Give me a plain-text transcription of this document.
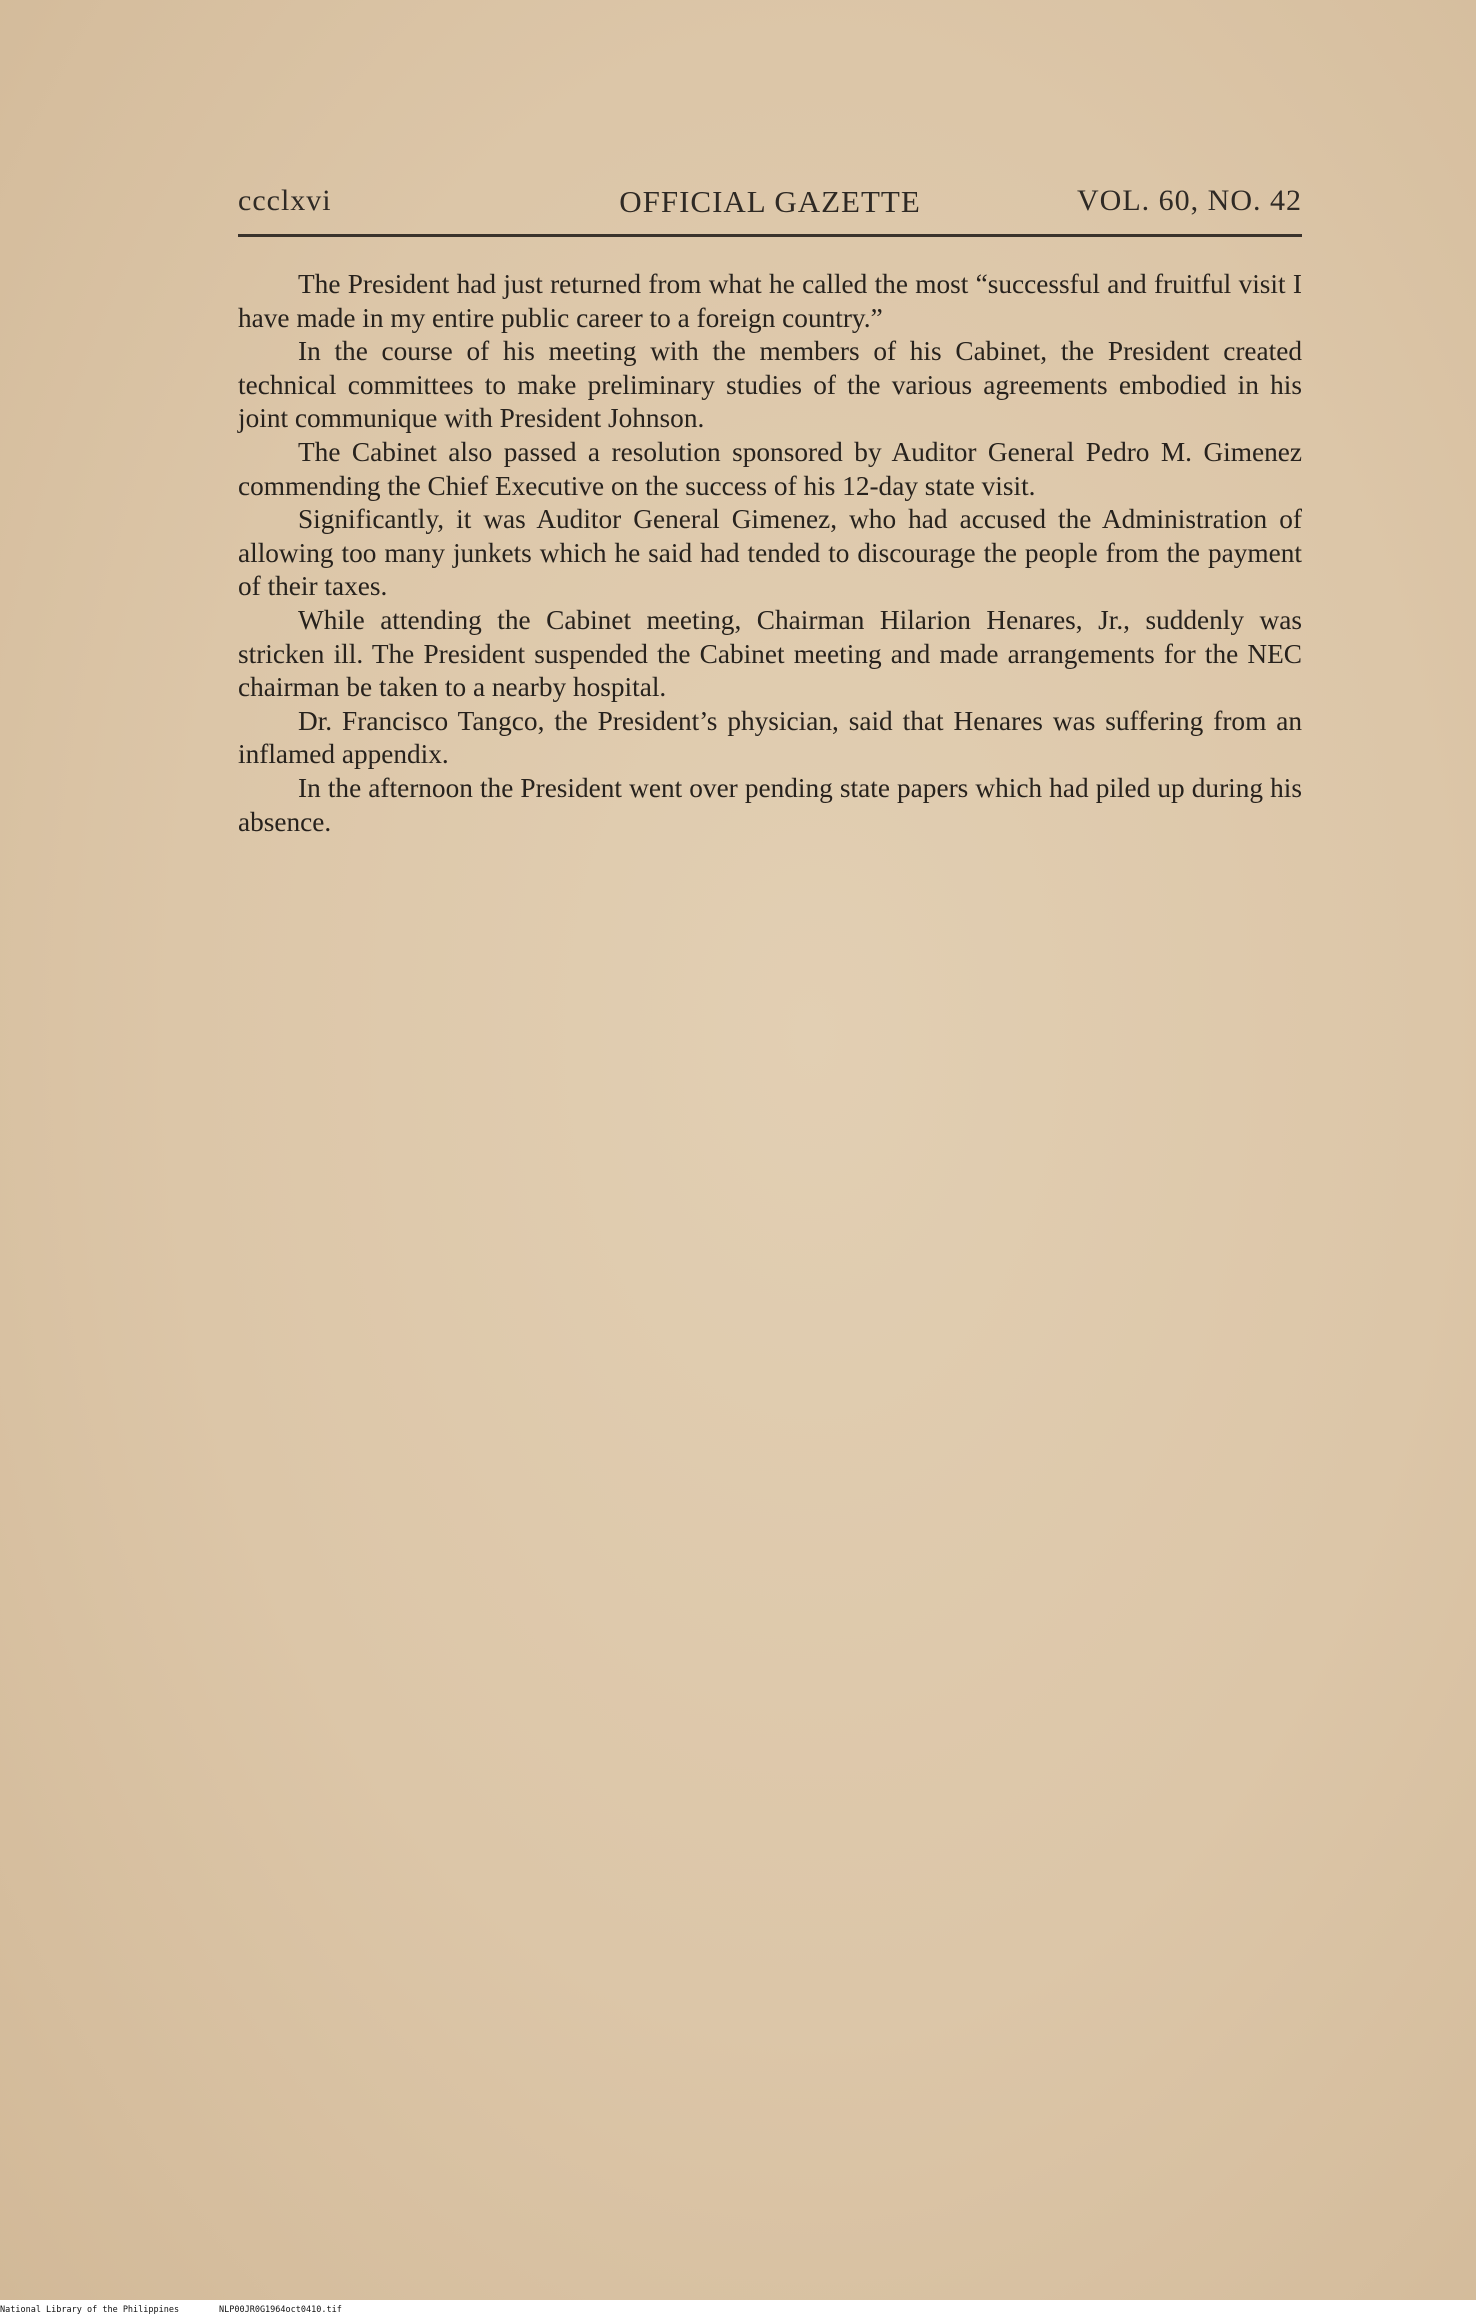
ccclxvi	OFFICIAL GAZETTE	VOL. 60, NO. 42

The President had just returned from what he called the most “successful and fruitful visit I have made in my entire public career to a foreign country.”

In the course of his meeting with the members of his Cabinet, the President created technical committees to make preliminary studies of the various agreements embodied in his joint communique with President Johnson.

The Cabinet also passed a resolution sponsored by Auditor General Pedro M. Gimenez commending the Chief Executive on the success of his 12-day state visit.

Significantly, it was Auditor General Gimenez, who had accused the Administration of allowing too many junkets which he said had tended to discourage the people from the payment of their taxes.

While attending the Cabinet meeting, Chairman Hilarion Henares, Jr., suddenly was stricken ill. The President suspended the Cabinet meeting and made arrangements for the NEC chairman be taken to a nearby hospital.

Dr. Francisco Tangco, the President’s physician, said that Henares was suffering from an inflamed appendix.

In the afternoon the President went over pending state papers which had piled up during his absence.

National Library of the Philippines	NLP00JR0G1964oct0410.tif
